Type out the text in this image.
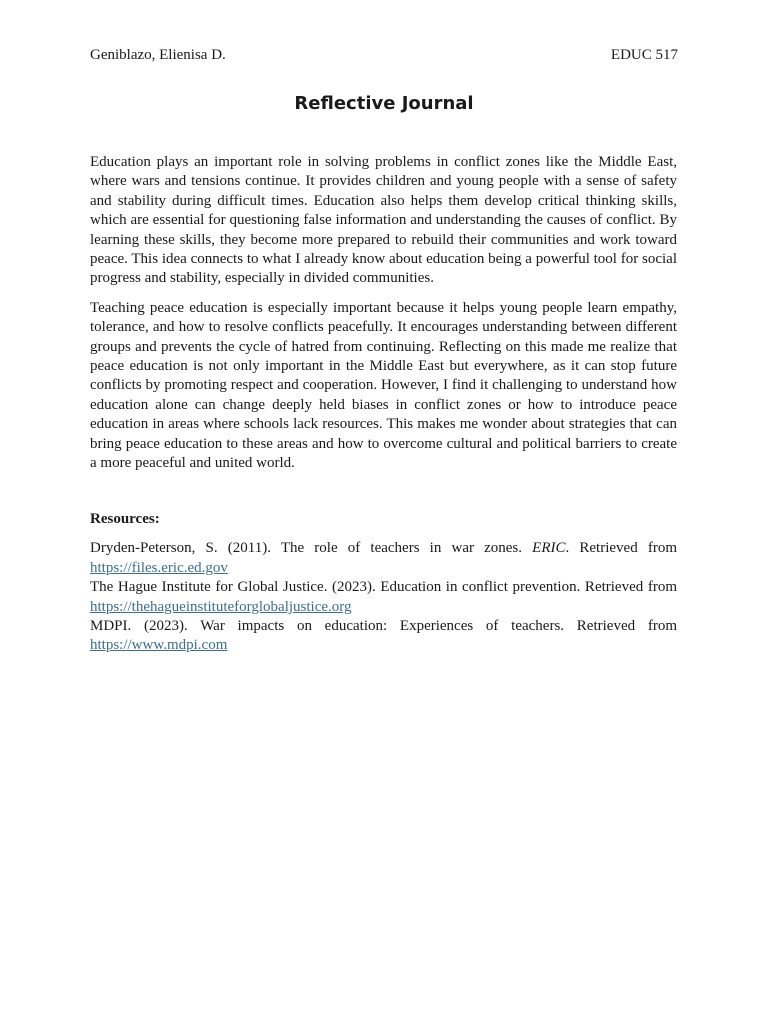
Geniblazo, Elienisa D.	EDUC 517
Reflective Journal

Education plays an important role in solving problems in conflict zones like the Middle East, where wars and tensions continue. It provides children and young people with a sense of safety and stability during difficult times. Education also helps them develop critical thinking skills, which are essential for questioning false information and understanding the causes of conflict. By learning these skills, they become more prepared to rebuild their communities and work toward peace. This idea connects to what I already know about education being a powerful tool for social progress and stability, especially in divided communities.

Teaching peace education is especially important because it helps young people learn empathy, tolerance, and how to resolve conflicts peacefully. It encourages understanding between different groups and prevents the cycle of hatred from continuing. Reflecting on this made me realize that peace education is not only important in the Middle East but everywhere, as it can stop future conflicts by promoting respect and cooperation. However, I find it challenging to understand how education alone can change deeply held biases in conflict zones or how to introduce peace education in areas where schools lack resources. This makes me wonder about strategies that can bring peace education to these areas and how to overcome cultural and political barriers to create a more peaceful and united world.

Resources:

Dryden-Peterson, S. (2011). The role of teachers in war zones. ERIC. Retrieved from https://files.eric.ed.gov

The Hague Institute for Global Justice. (2023). Education in conflict prevention. Retrieved from https://thehagueinstituteforglobaljustice.org

MDPI. (2023). War impacts on education: Experiences of teachers. Retrieved from https://www.mdpi.com
